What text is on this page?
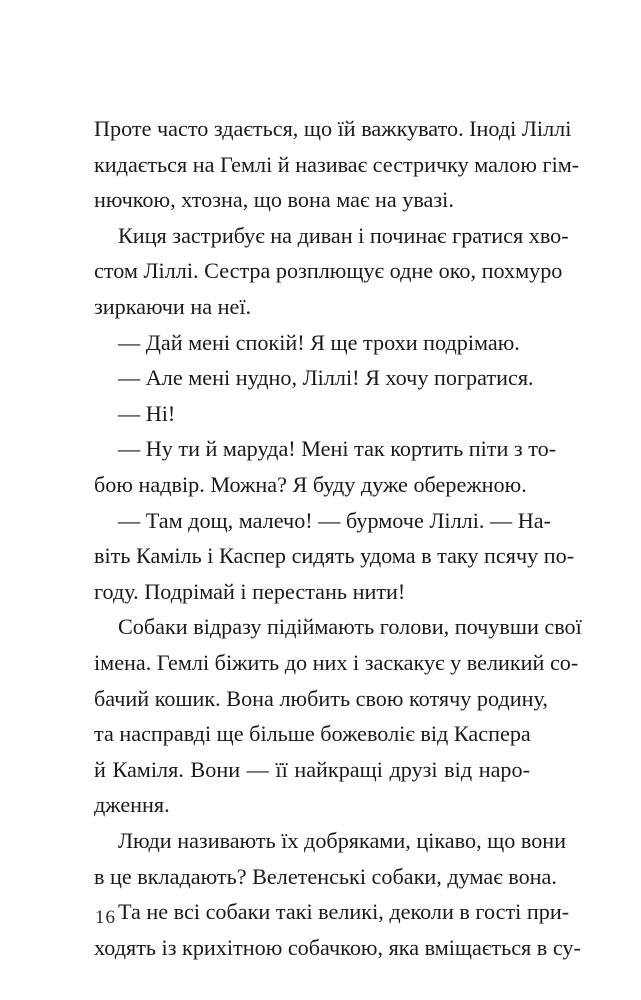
Проте часто здається, що їй важкувато. Іноді Ліллі
кидається на Гемлі й називає сестричку малою гім-
нючкою, хтозна, що вона має на увазі.
Киця застрибує на диван і починає гратися хво-
стом Ліллі. Сестра розплющує одне око, похмуро
зиркаючи на неї.
— Дай мені спокій! Я ще трохи подрімаю.
— Але мені нудно, Ліллі! Я хочу погратися.
— Ні!
— Ну ти й маруда! Мені так кортить піти з то-
бою надвір. Можна? Я буду дуже обережною.
— Там дощ, малечо! — бурмоче Ліллі. — На-
віть Каміль і Каспер сидять удома в таку псячу по-
году. Подрімай і перестань нити!
Собаки відразу підіймають голови, почувши свої
імена. Гемлі біжить до них і заскакує у великий со-
бачий кошик. Вона любить свою котячу родину,
та насправді ще більше божеволіє від Каспера
й Каміля. Вони — її найкращі друзі від наро-
дження.
Люди називають їх добряками, цікаво, що вони
в це вкладають? Велетенські собаки, думає вона.
Та не всі собаки такі великі, деколи в гості при-
ходять із крихітною собачкою, яка вміщається в су-
16
